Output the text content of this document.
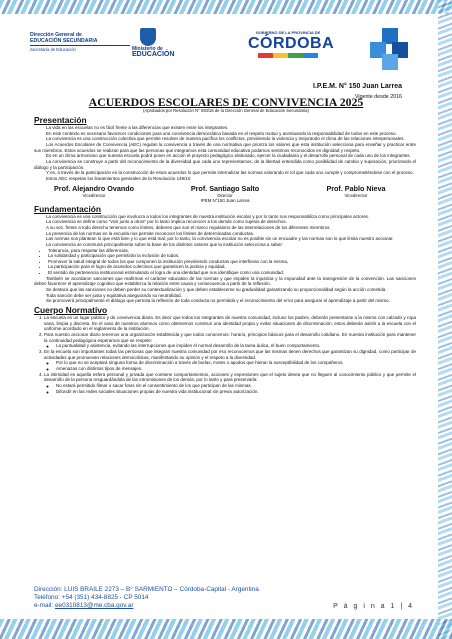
Dirección General de
EDUCACIÓN SECUNDARIA
Secretaría de Educación	Ministerio de
EDUCACIÓN
GOBIERNO DE LA PROVINCIA DE
CÓRDOBA
I.P.E.M. N° 150 Juan Larrea
Vigente desde 2016
ACUERDOS ESCOLARES DE CONVIVENCIA 2025
(Aprobados por Resolución N° 093/16 de la Dirección General de Educación Secundaria)
Presentación

La vida en las escuelas no es fácil frente a las diferencias que existen entre los integrantes.

En este contexto es necesario favorecer condiciones para una convivencia democrática basada en el respeto mutuo y acentuando la responsabilidad de todos en este proceso.

La convivencia es una construcción colectiva que permite resolver de manera pacífica los conflictos, previniendo la violencia y mejorando el clima de las relaciones interpersonales.

Los Acuerdos Escolares de Convivencia (AEC) regulan la convivencia a través de una normativa que prioriza los valores que esta institución selecciona para enseñar y practicar entre sus miembros. Estos acuerdos se realizan para que las personas que integramos esta comunidad educativa podamos sentirnos reconocidos en dignidad y respeto.

Es en un clima armonioso que nuestra escuela podrá poner en acción el proyecto pedagógico elaborado, ejercer la ciudadanía y el desarrollo personal de cada uno de los integrantes.

La convivencia se construye a partir del reconocimiento de la diversidad que cada uno representamos, de la libertad entendida como posibilidad de cambio y superación, priorizando el diálogo y la participación.

Y es, a través de la participación en la construcción de estos acuerdos lo que permite internalizar las normas valorando el rol que cada uno cumple y comprometiéndose con el proceso.

Estos AEC respetan los lineamientos generales de la Resolución 149/10

Prof. Alejandro Ovando
Vicedirector
Prof. Santiago Salto
Director
IPEM N°150 Juan Larrea
Prof. Pablo Nieva
Vicedirector
Fundamentación

La convivencia es una construcción que involucra a todos los integrantes de nuestra institución escolar y por lo tanto nos responsabiliza como principales actores.

La convivencia se define como "vivir junto a otros" por lo tanto implica reconocer a los demás como sujetos de derechos.

A su vez, frente a todo derecho tenemos como límites, deberes que son el marco regulatorio de las interrelaciones de los diferentes miembros.

La presencia de las normas en la escuela nos permite reconocer los límites de determinadas conductas.

Las normas nos plantean lo que está bien y lo que está mal, por lo tanto, la convivencia escolar no es posible sin un encuadre y las normas son lo que limita nuestro accionar.

La convivencia se construirá principalmente sobre la base de los distintos valores que la institución selecciona a saber:

• Tolerancia, para respetar las diferencias,
• La solidaridad y participación que permitirán la inclusión de todos.
• Promover la salud integral de todos los que componen la institución previniendo conductas que interfieran con la misma,
• La participación para el logro de acuerdos colectivos que garanticen la justicia y equidad,
• El sentido de pertenencia institucional estimulando el logro de una identidad que nos identifique como una comunidad.

También se acordaron sanciones que reafirman el carácter educativo de las normas y que impiden la injusticia y la impunidad ante la transgresión de la convención. Las sanciones deben favorecer el aprendizaje cognitivo que establezca la relación entre causa y consecuencia a partir de la reflexión.

Se destaca que las sanciones no deben perder su contextualización y que deben establecerse su gradualidad garantizando su proporcionalidad según la acción cometida.

Toda sanción debe ser justa y equitativa asegurando su neutralidad.

Se promoverá principalmente el diálogo que permita la reflexión de toda conducta no permitida y el reconocimiento del error para asegurar el aprendizaje a partir del mismo.

Cuerpo Normativo
1. La escuela es un lugar público y de convivencia diaria. Es decir que todos los integrantes de nuestra comunidad, incluso los padres, deberán presentarse a la misma con calzado y ropa sana, limpia y discreta. En el caso de nuestros alumnos como obtenemos construir una identidad propia y evitar situaciones de discriminación, estos deberán asistir a la escuela con el uniforme acordado en el reglamento de la institución.
2. Para nuestro accionar diario tenemos una organización establecida y que todos conocemos: horario, principios básicos para el desarrollo cotidiano. En nuestra institución para mantener la continuidad pedagógica esperamos que se respete:
◦ La puntualidad y asistencia, evitando las interrupciones que impiden el normal desarrollo de la tarea áulica, el buen comportamiento.
3. En la escuela son importantes todas las personas que integran nuestra comunidad por eso reconocemos que las mismas tienen derechos que garantizan su dignidad, como participar de actividades que promuevan relaciones democráticas, manifestando su opinión y el respeto a la diversidad.
◦ Por lo que no se aceptará ninguna forma de discriminación a través de burlas, motes o apodos que hieran la susceptibilidad de los compañeros.
◦ Amenazas con distintos tipos de mensajes.
4. La intimidad es aquella esfera personal y privada que contiene comportamientos, acciones y expresiones que el sujeto desea que no lleguen al conocimiento público y que permite el desarrollo de la persona resguardándola de las intromisiones de los demás, por lo tanto y para preservarla:
◦ No estará permitido filmar o sacar fotos sin el consentimiento de los que participan de las mismas.
◦ Difundir en las redes sociales situaciones propias de nuestra vida institucional sin previa autorización.
Dirección: LUIS BRAILE 2273 – B° SARMIENTO – Córdoba-Capital - Argentina
Teléfono: +54 (351) 434-8825 - CP 5014
e-mail: ee0310813@me.cba.gov.ar	P á g i n a 1 | 4
